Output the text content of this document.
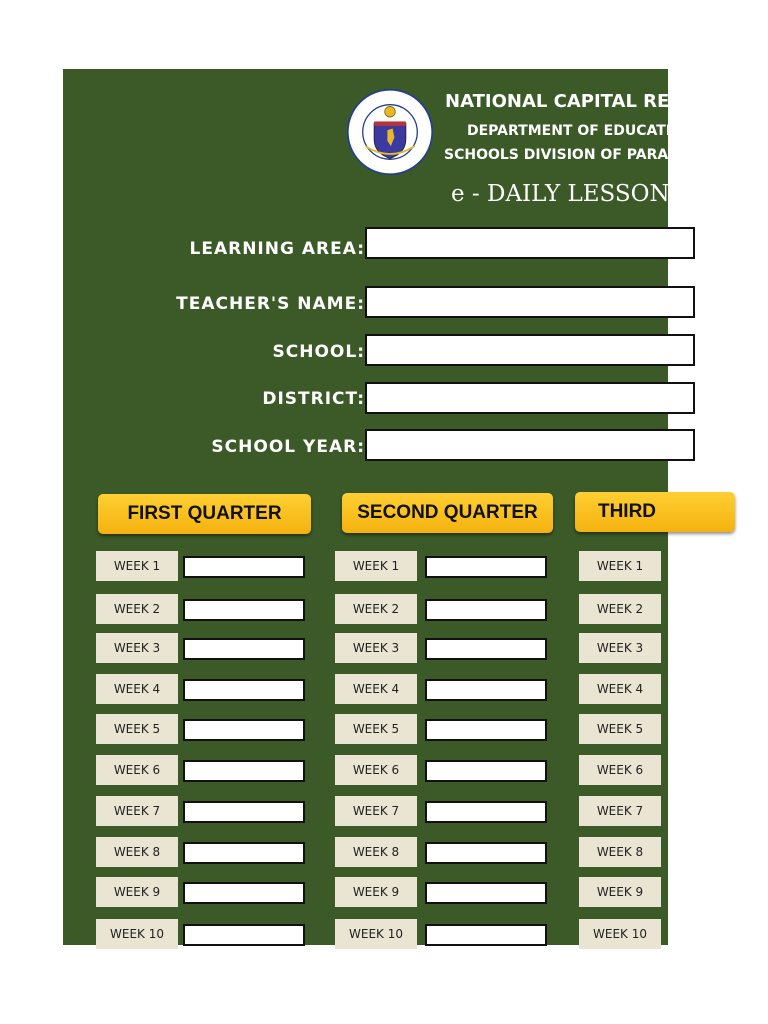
NATIONAL CAPITAL REGION
DEPARTMENT OF EDUCATION
SCHOOLS DIVISION OF PARAÑAQUE
e - DAILY LESSON LOG
LEARNING AREA:
TEACHER'S NAME:
SCHOOL:
DISTRICT:
SCHOOL YEAR:
FIRST QUARTER	SECOND QUARTER	THIRD
WEEK 1
WEEK 2
WEEK 3
WEEK 4
WEEK 5
WEEK 6
WEEK 7
WEEK 8
WEEK 9
WEEK 10
WEEK 1
WEEK 2
WEEK 3
WEEK 4
WEEK 5
WEEK 6
WEEK 7
WEEK 8
WEEK 9
WEEK 10
WEEK 1
WEEK 2
WEEK 3
WEEK 4
WEEK 5
WEEK 6
WEEK 7
WEEK 8
WEEK 9
WEEK 10
